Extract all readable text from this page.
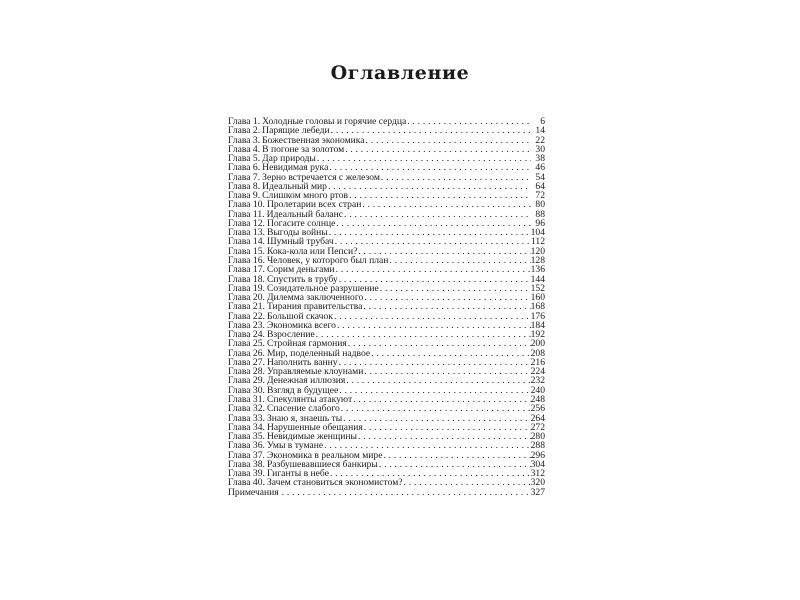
Оглавление
Глава 1. Холодные головы и горячие сердца . . .	6
Глава 2. Парящие лебеди . . .	14
Глава 3. Божественная экономика . . .	22
Глава 4. В погоне за золотом . . .	30
Глава 5. Дар природы . . .	38
Глава 6. Невидимая рука . . .	46
Глава 7. Зерно встречается с железом . . .	54
Глава 8. Идеальный мир . . .	64
Глава 9. Слишком много ртов . . .	72
Глава 10. Пролетарии всех стран . . .	80
Глава 11. Идеальный баланс . . .	88
Глава 12. Погасите солнце . . .	96
Глава 13. Выгоды войны . . .	104
Глава 14. Шумный трубач . . .	112
Глава 15. Кока-кола или Пепси? . . .	120
Глава 16. Человек, у которого был план . . .	128
Глава 17. Сорим деньгами . . .	136
Глава 18. Спустить в трубу . . .	144
Глава 19. Созидательное разрушение . . .	152
Глава 20. Дилемма заключенного . . .	160
Глава 21. Тирания правительства . . .	168
Глава 22. Большой скачок . . .	176
Глава 23. Экономика всего . . .	184
Глава 24. Взросление . . .	192
Глава 25. Стройная гармония . . .	200
Глава 26. Мир, поделенный надвое . . .	208
Глава 27. Наполнить ванну . . .	216
Глава 28. Управляемые клоунами . . .	224
Глава 29. Денежная иллюзия . . .	232
Глава 30. Взгляд в будущее . . .	240
Глава 31. Спекулянты атакуют . . .	248
Глава 32. Спасение слабого . . .	256
Глава 33. Знаю я, знаешь ты . . .	264
Глава 34. Нарушенные обещания . . .	272
Глава 35. Невидимые женщины . . .	280
Глава 36. Умы в тумане . . .	288
Глава 37. Экономика в реальном мире . . .	296
Глава 38. Разбушевавшиеся банкиры . . .	304
Глава 39. Гиганты в небе . . .	312
Глава 40. Зачем становиться экономистом? . . .	320
Примечания . . .	327
